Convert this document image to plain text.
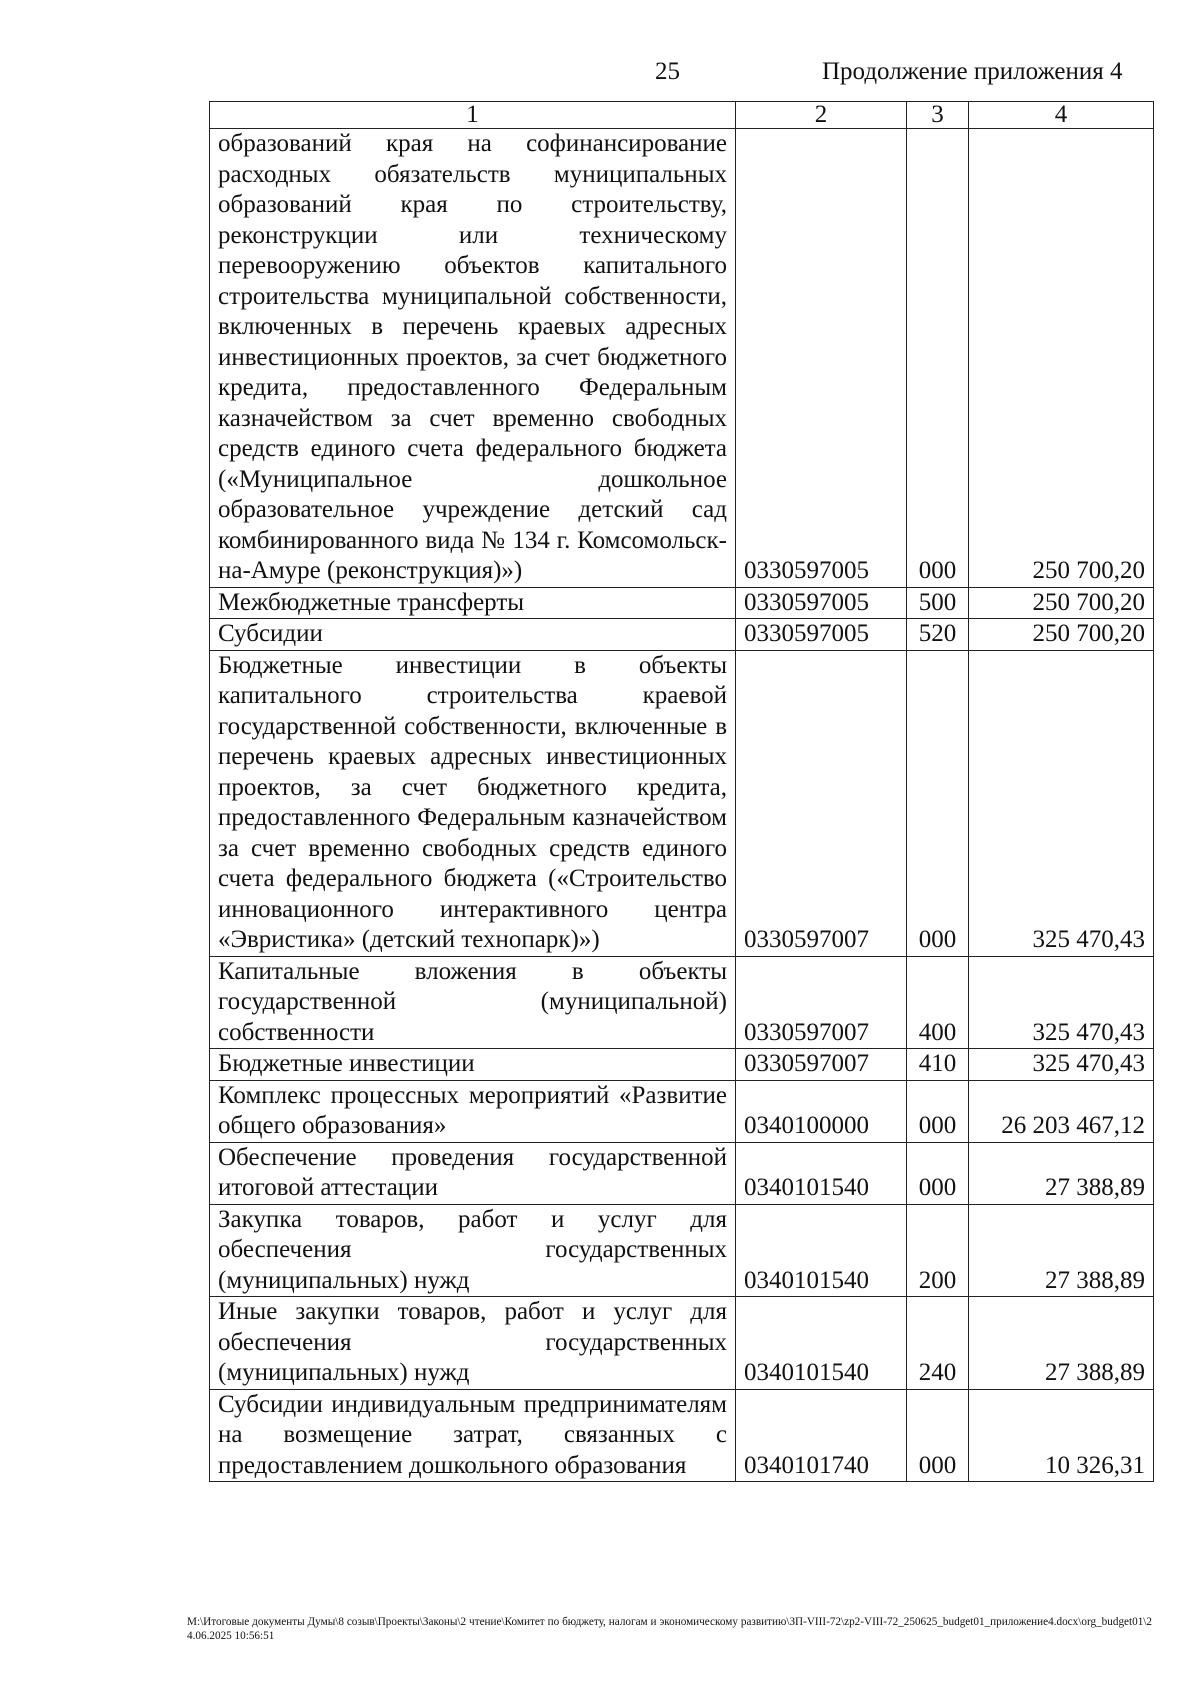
25	Продолжение приложения 4
1	2	3	4
образований края на софинансирование расходных обязательств муниципальных образований края по строительству, реконструкции или техническому перевооружению объектов капитального строительства муниципальной собственности, включенных в перечень краевых адресных инвестиционных проектов, за счет бюджетного кредита, предоставленного Федеральным казначейством за счет временно свободных средств единого счета федерального бюджета («Муниципальное дошкольное образовательное учреждение детский сад комбинированного вида № 134 г. Комсомольск-на-Амуре (реконструкция)»)	0330597005	000	250 700,20
Межбюджетные трансферты	0330597005	500	250 700,20
Субсидии	0330597005	520	250 700,20
Бюджетные инвестиции в объекты капитального строительства краевой государственной собственности, включенные в перечень краевых адресных инвестиционных проектов, за счет бюджетного кредита, предоставленного Федеральным казначейством за счет временно свободных средств единого счета федерального бюджета («Строительство инновационного интерактивного центра «Эвристика» (детский технопарк)»)	0330597007	000	325 470,43
Капитальные вложения в объекты государственной (муниципальной) собственности	0330597007	400	325 470,43
Бюджетные инвестиции	0330597007	410	325 470,43
Комплекс процессных мероприятий «Развитие общего образования»	0340100000	000	26 203 467,12
Обеспечение проведения государственной итоговой аттестации	0340101540	000	27 388,89
Закупка товаров, работ и услуг для обеспечения государственных (муниципальных) нужд	0340101540	200	27 388,89
Иные закупки товаров, работ и услуг для обеспечения государственных (муниципальных) нужд	0340101540	240	27 388,89
Субсидии индивидуальным предпринимателям на возмещение затрат, связанных с предоставлением дошкольного образования	0340101740	000	10 326,31
M:\Итоговые документы Думы\8 созыв\Проекты\Законы\2 чтение\Комитет по бюджету, налогам и экономическому развитию\ЗП-VIII-72\zp2-VIII-72_250625_budget01_приложение4.docx\org_budget01\24.06.2025 10:56:51
